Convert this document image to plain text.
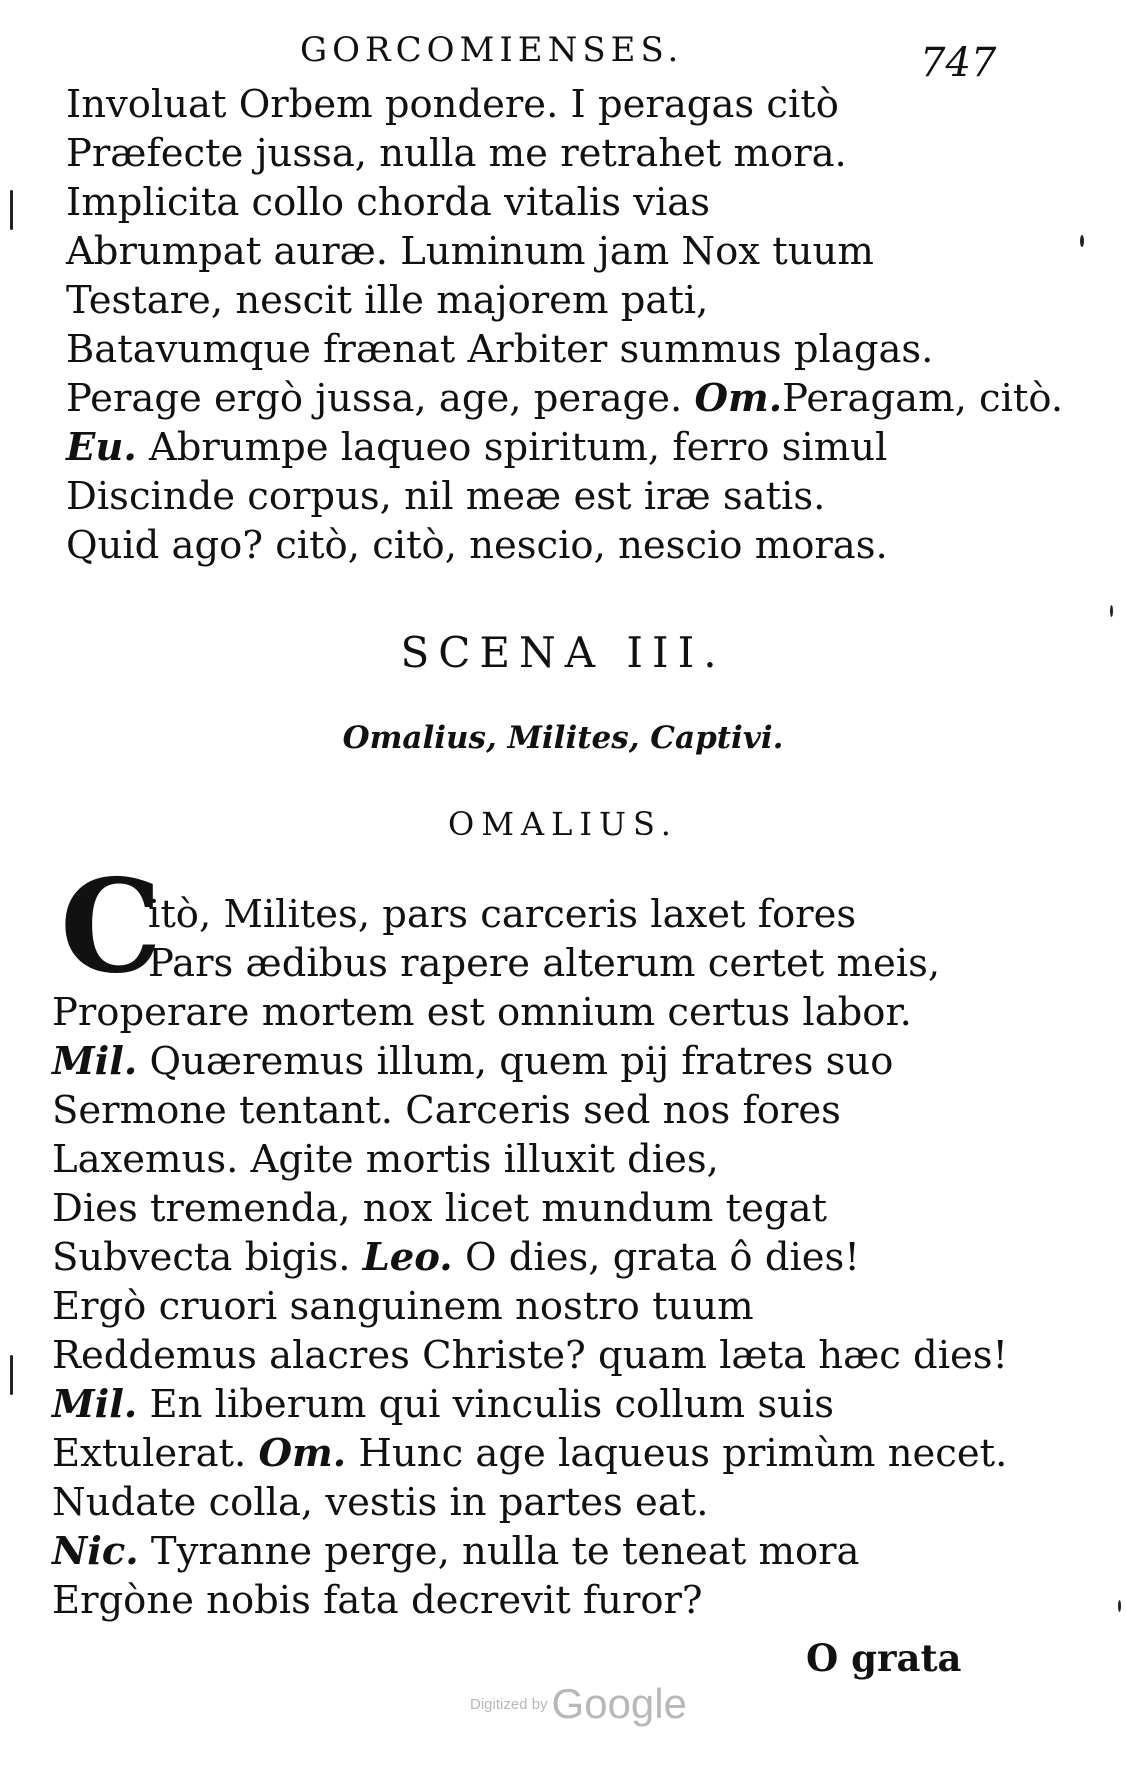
GORCOMIENSES.	747
Involuat Orbem pondere. I peragas citò
Præfecte jussa, nulla me retrahet mora.
Implicita collo chorda vitalis vias
Abrumpat auræ. Luminum jam Nox tuum
Testare, nescit ille majorem pati,
Batavumque frænat Arbiter summus plagas.
Perage ergò jussa, age, perage. Om.Peragam, citò.
Eu. Abrumpe laqueo spiritum, ferro simul
Discinde corpus, nil meæ est iræ satis.
Quid ago? citò, citò, nescio, nescio moras.
SCENA III.
Omalius, Milites, Captivi.
OMALIUS.
C
itò, Milites, pars carceris laxet fores
Pars ædibus rapere alterum certet meis,
Properare mortem est omnium certus labor.
Mil. Quæremus illum, quem pij fratres suo
Sermone tentant. Carceris sed nos fores
Laxemus. Agite mortis illuxit dies,
Dies tremenda, nox licet mundum tegat
Subvecta bigis. Leo. O dies, grata ô dies!
Ergò cruori sanguinem nostro tuum
Reddemus alacres Christe? quam læta hæc dies!
Mil. En liberum qui vinculis collum suis
Extulerat. Om. Hunc age laqueus primùm necet.
Nudate colla, vestis in partes eat.
Nic. Tyranne perge, nulla te teneat mora
Ergòne nobis fata decrevit furor?
O grata
Digitized byGoogle
